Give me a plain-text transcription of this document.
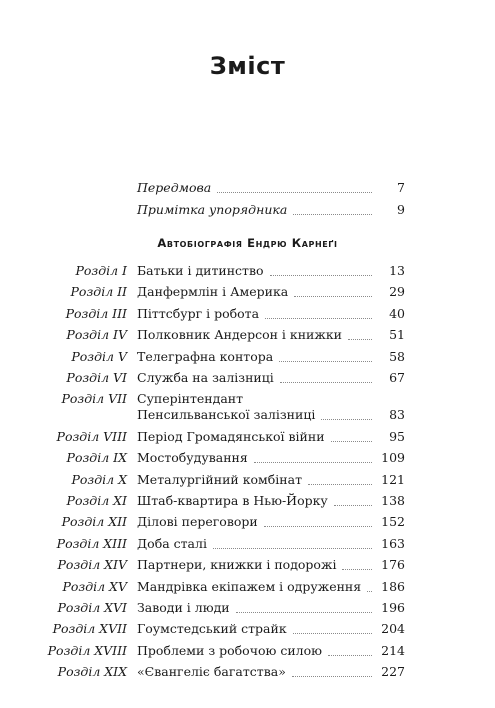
Зміст
Передмова	7
Примітка упорядника	9
Автобіографія Ендрю Карнеґі
Розділ I Батьки і дитинство	13
Розділ II Данфермлін і Америка	29
Розділ III Піттсбург і робота	40
Розділ IV Полковник Андерсон і книжки	51
Розділ V Телеграфна контора	58
Розділ VI Служба на залізниці	67
Розділ VII Суперінтендант
Пенсильванської залізниці	83
Розділ VIII Період Громадянської війни	95
Розділ IX Мостобудування	109
Розділ X Металургійний комбінат	121
Розділ XI Штаб-квартира в Нью-Йорку	138
Розділ XII Ділові переговори	152
Розділ XIII Доба сталі	163
Розділ XIV Партнери, книжки і подорожі	176
Розділ XV Мандрівка екіпажем і одруження	186
Розділ XVI Заводи і люди	196
Розділ XVII Гоумстедський страйк	204
Розділ XVIII Проблеми з робочою силою	214
Розділ XIX «Євангеліє багатства»	227
